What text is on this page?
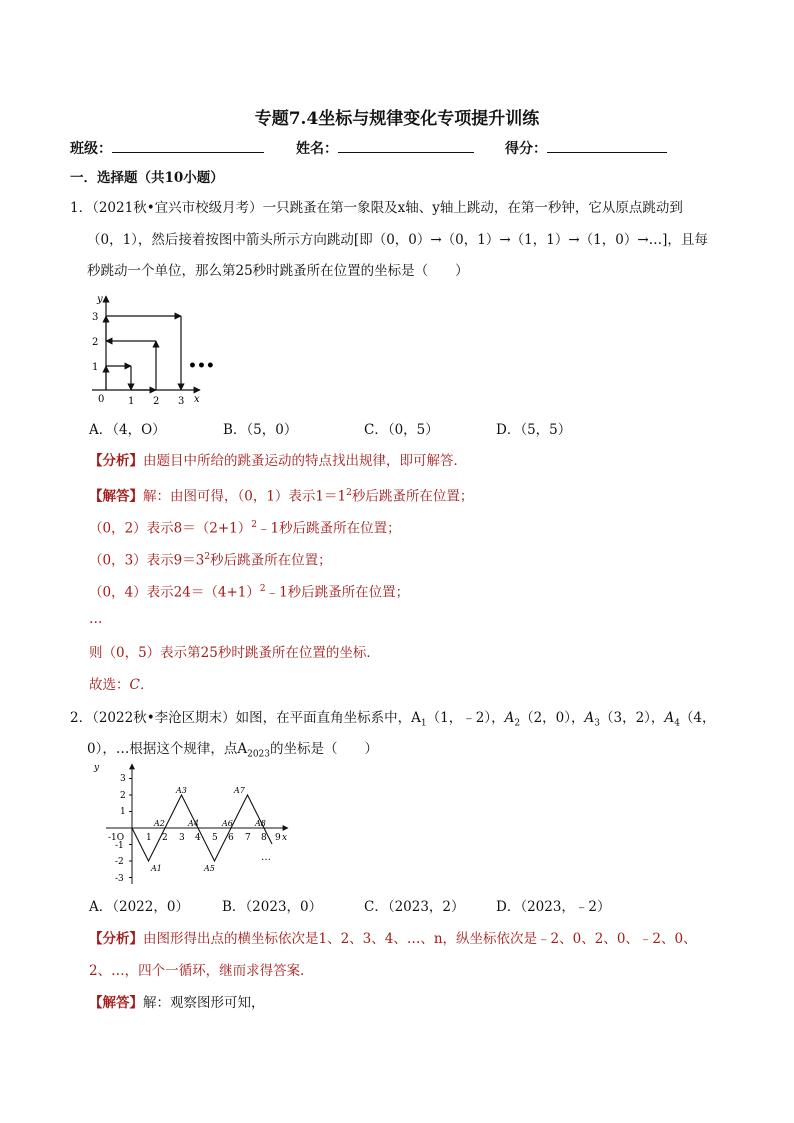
专题7.4坐标与规律变化专项提升训练
班级：	姓名：	得分：
一．选择题（共10小题）
1．（2021秋•宜兴市校级月考）一只跳蚤在第一象限及x轴、y轴上跳动，在第一秒钟，它从原点跳动到
（0，1），然后接着按图中箭头所示方向跳动[即（0，0）→（0，1）→（1，1）→（1，0）→…]，且每
秒跳动一个单位，那么第25秒时跳蚤所在位置的坐标是（　　）
y
x
0
1
2
3
1 2 3
•••
A．（4，O）	B．（5，0）	C．（0，5）	D．（5，5）
【分析】由题目中所给的跳蚤运动的特点找出规律，即可解答．
【解答】解：由图可得，（0，1）表示$1=1^2$秒后跳蚤所在位置；
（0，2）表示$8=(2+1)^2﹣1$秒后跳蚤所在位置；
（0，3）表示$9=3^2$秒后跳蚤所在位置；
（0，4）表示$24=(4+1)^2﹣1$秒后跳蚤所在位置；
…
则（0，5）表示第25秒时跳蚤所在位置的坐标．
故选：C．
2．（2022秋•李沧区期末）如图，在平面直角坐标系中，$A_1(1$，﹣2），$A_2(2$，0），$A_3(3$，2），$A_4(4$，
0），…根据这个规律，点$A_{2023}$的坐标是（　　）
y
x
-1O
3
2
1
-1
-2
-3
1 2 3 4 5 6 7 8 9
A1
A2
A3
A4
A5
A6
A7
A8
…
A．（2022，0） B．（2023，0）	C．（2023，2） D．（2023，﹣2）
【分析】由图形得出点的横坐标依次是1、2、3、4、…、n，纵坐标依次是﹣2、0、2、0、﹣2、0、
2、…，四个一循环，继而求得答案．
【解答】解：观察图形可知，
